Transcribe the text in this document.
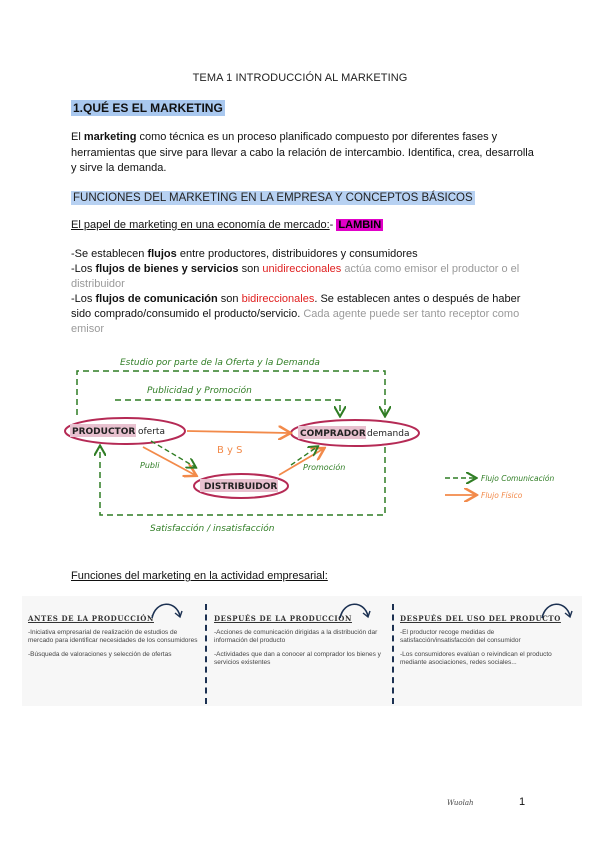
TEMA 1 INTRODUCCIÓN AL MARKETING
1.QUÉ ES EL MARKETING
El marketing como técnica es un proceso planificado compuesto por diferentes fases y herramientas que sirve para llevar a cabo la relación de intercambio. Identifica, crea, desarrolla y sirve la demanda.
FUNCIONES DEL MARKETING EN LA EMPRESA Y CONCEPTOS BÁSICOS
El papel de marketing en una economía de mercado:- LAMBIN
-Se establecen flujos entre productores, distribuidores y consumidores
-Los flujos de bienes y servicios son unidireccionales actúa como emisor el productor o el distribuidor
-Los flujos de comunicación son bidireccionales. Se establecen antes o después de haber sido comprado/consumido el producto/servicio. Cada agente puede ser tanto receptor como emisor
Estudio por parte de la Oferta y la Demanda
Publicidad y Promoción
PRODUCTOR oferta	COMPRADOR demanda
B y S
DISTRIBUIDOR
Publi	Promoción
Satisfacción / insatisfacción
Flujo Comunicación
Flujo Físico
Funciones del marketing en la actividad empresarial:
ANTES DE LA PRODUCCIÓN

-Iniciativa empresarial de realización de estudios de mercado para identificar necesidades de los consumidores

-Búsqueda de valoraciones y selección de ofertas

DESPUÉS DE LA PRODUCCIÓN

-Acciones de comunicación dirigidas a la distribución dar información del producto

-Actividades que dan a conocer al comprador los bienes y servicios existentes

DESPUÉS DEL USO DEL PRODUCTO

-El productor recoge medidas de satisfacción/insatisfacción del consumidor

-Los consumidores evalúan o reivindican el producto mediante asociaciones, redes sociales...

Wuolah	1
